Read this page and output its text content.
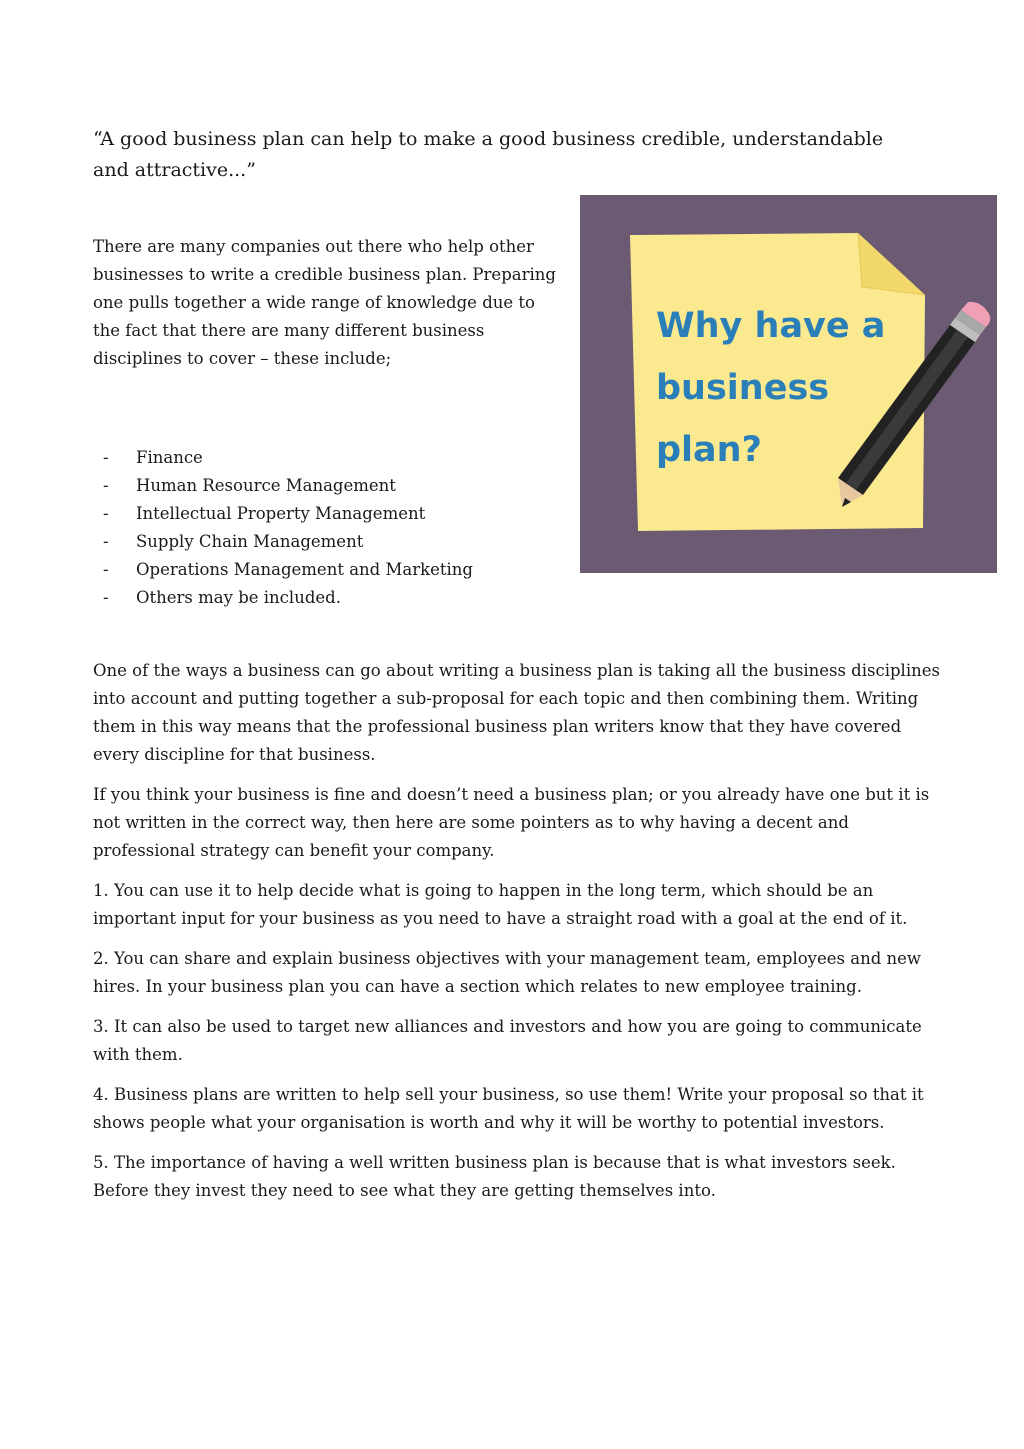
“A good business plan can help to make a good business credible, understandable and attractive...”

There are many companies out there who help other businesses to write a credible business plan. Preparing one pulls together a wide range of knowledge due to the fact that there are many different business disciplines to cover – these include;

- Finance
- Human Resource Management
- Intellectual Property Management
- Supply Chain Management
- Operations Management and Marketing
- Others may be included.
Why have a
business
plan?

One of the ways a business can go about writing a business plan is taking all the business disciplines into account and putting together a sub-proposal for each topic and then combining them. Writing them in this way means that the professional business plan writers know that they have covered every discipline for that business.

If you think your business is fine and doesn’t need a business plan; or you already have one but it is not written in the correct way, then here are some pointers as to why having a decent and professional strategy can benefit your company.

1. You can use it to help decide what is going to happen in the long term, which should be an important input for your business as you need to have a straight road with a goal at the end of it.

2. You can share and explain business objectives with your management team, employees and new hires. In your business plan you can have a section which relates to new employee training.

3. It can also be used to target new alliances and investors and how you are going to communicate with them.

4. Business plans are written to help sell your business, so use them! Write your proposal so that it shows people what your organisation is worth and why it will be worthy to potential investors.

5. The importance of having a well written business plan is because that is what investors seek. Before they invest they need to see what they are getting themselves into.
